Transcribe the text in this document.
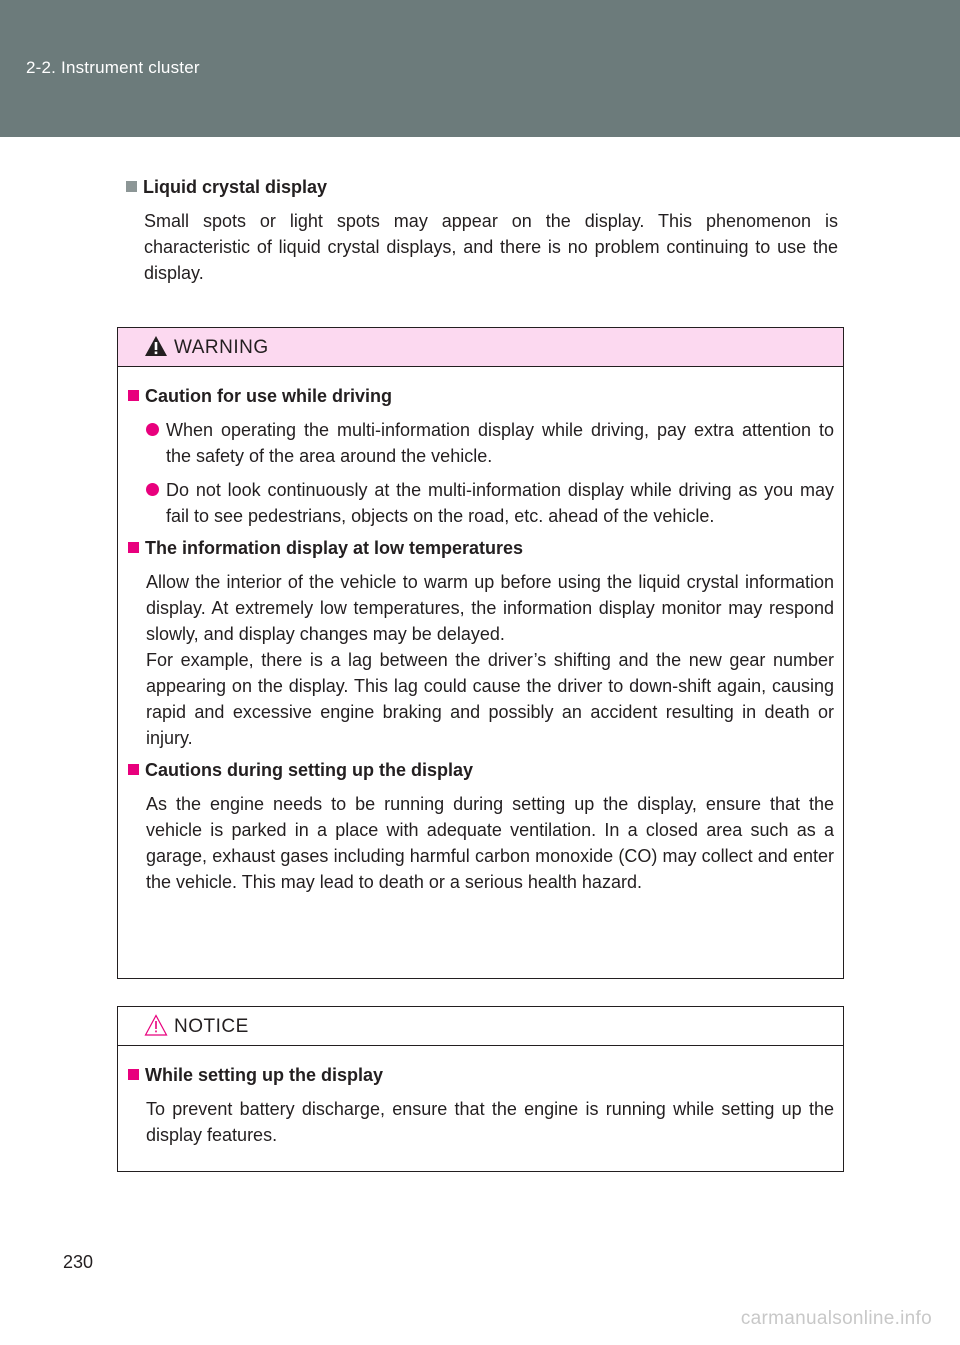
2-2. Instrument cluster
Liquid crystal display
Small spots or light spots may appear on the display. This phenomenon is characteristic of liquid crystal displays, and there is no problem continuing to use the display.
WARNING
Caution for use while driving
When operating the multi-information display while driving, pay extra attention to the safety of the area around the vehicle.
Do not look continuously at the multi-information display while driving as you may fail to see pedestrians, objects on the road, etc. ahead of the vehicle.
The information display at low temperatures
Allow the interior of the vehicle to warm up before using the liquid crystal information display. At extremely low temperatures, the information display monitor may respond slowly, and display changes may be delayed.
For example, there is a lag between the driver’s shifting and the new gear number appearing on the display. This lag could cause the driver to down-shift again, causing rapid and excessive engine braking and possibly an accident resulting in death or injury.
Cautions during setting up the display
As the engine needs to be running during setting up the display, ensure that the vehicle is parked in a place with adequate ventilation. In a closed area such as a garage, exhaust gases including harmful carbon monoxide (CO) may collect and enter the vehicle. This may lead to death or a serious health hazard.
NOTICE
While setting up the display
To prevent battery discharge, ensure that the engine is running while setting up the display features.
230
carmanualsonline.info
